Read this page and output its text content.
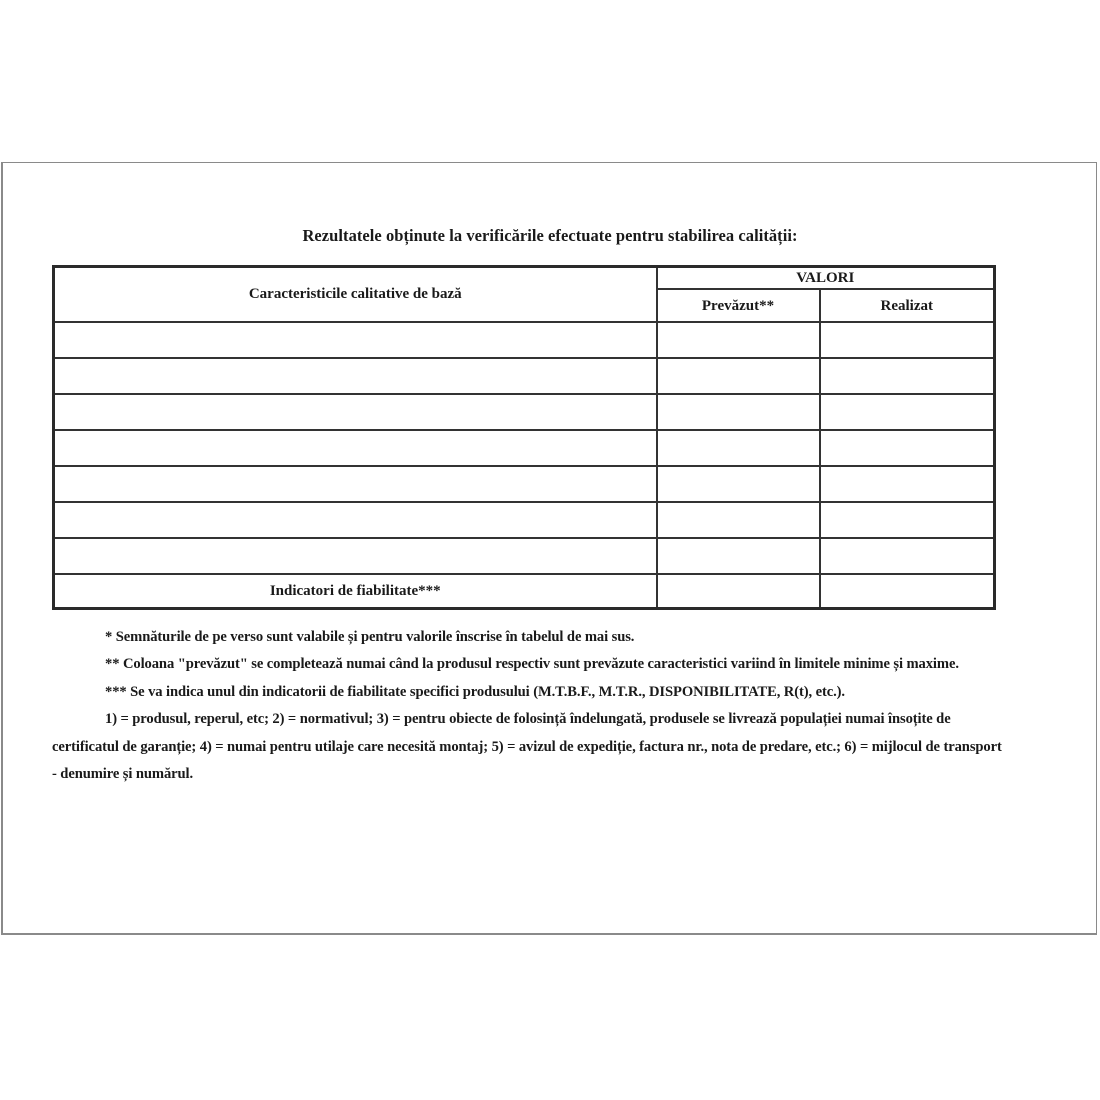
Rezultatele obținute la verificările efectuate pentru stabilirea calității:
Caracteristicile calitative de bază	VALORI	
	Prevăzut**	Realizat

Indicatori de fiabilitate***		

* Semnăturile de pe verso sunt valabile și pentru valorile înscrise în tabelul de mai sus.

** Coloana "prevăzut" se completează numai când la produsul respectiv sunt prevăzute caracteristici variind în limitele minime și maxime.

*** Se va indica unul din indicatorii de fiabilitate specifici produsului (M.T.B.F., M.T.R., DISPONIBILITATE, R(t), etc.).

1) = produsul, reperul, etc; 2) = normativul; 3) = pentru obiecte de folosință îndelungată, produsele se livrează populației numai însoțite de certificatul de garanție; 4) = numai pentru utilaje care necesită montaj; 5) = avizul de expediție, factura nr., nota de predare, etc.; 6) = mijlocul de transport - denumire și numărul.
